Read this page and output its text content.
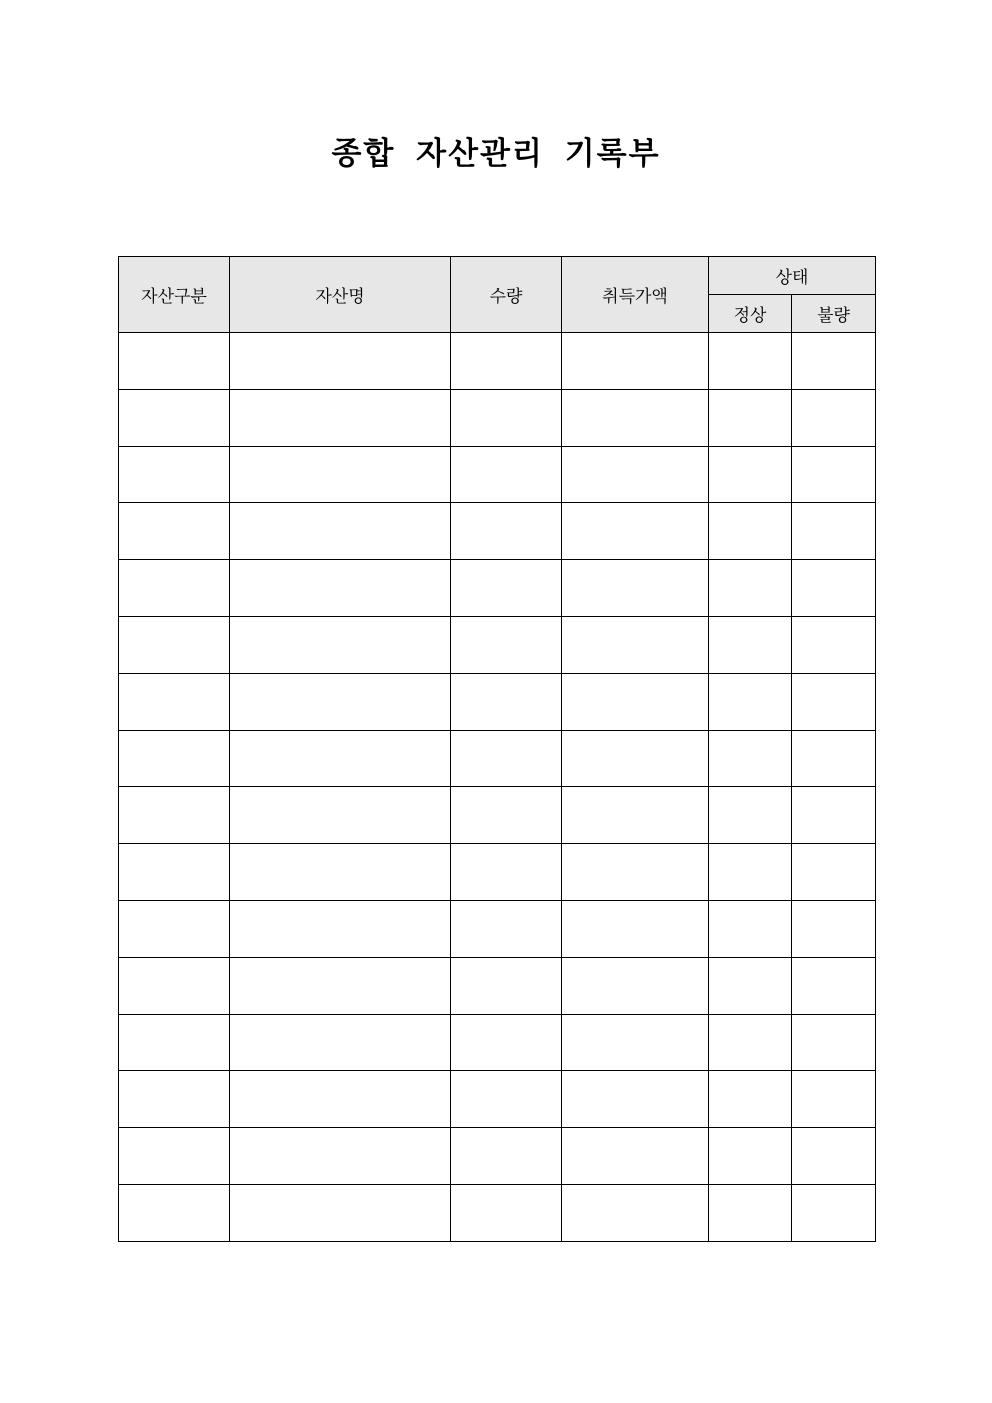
종합 자산관리 기록부
자산구분	자산명	수량	취득가액	상태	
				정상	불량
